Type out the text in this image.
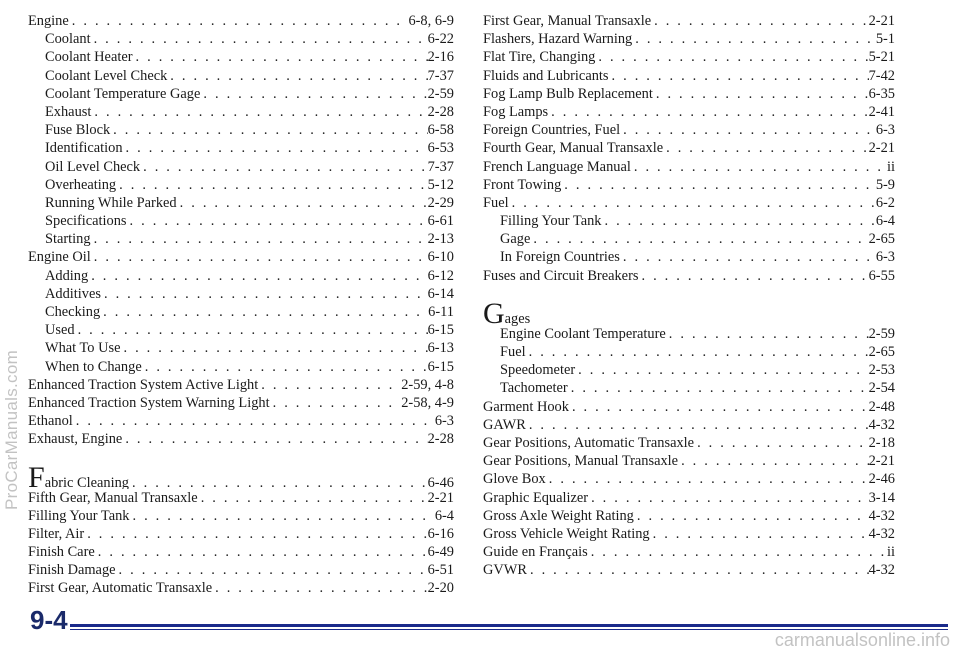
Engine . . .	6-8, 6-9
Coolant . . .	6-22
Coolant Heater . . .	2-16
Coolant Level Check . . .	7-37
Coolant Temperature Gage . . .	2-59
Exhaust . . .	2-28
Fuse Block . . .	6-58
Identification . . .	6-53
Oil Level Check . . .	7-37
Overheating . . .	5-12
Running While Parked . . .	2-29
Specifications . . .	6-61
Starting . . .	2-13
Engine Oil . . .	6-10
Adding . . .	6-12
Additives . . .	6-14
Checking . . .	6-11
Used . . .	6-15
What To Use . . .	6-13
When to Change . . .	6-15
Enhanced Traction System Active Light . . .	2-59, 4-8
Enhanced Traction System Warning Light . . .	2-58, 4-9
Ethanol . . .	6-3
Exhaust, Engine . . .	2-28
Fabric Cleaning . . .	6-46
Fifth Gear, Manual Transaxle . . .	2-21
Filling Your Tank . . .	6-4
Filter, Air . . .	6-16
Finish Care . . .	6-49
Finish Damage . . .	6-51
First Gear, Automatic Transaxle . . .	2-20
First Gear, Manual Transaxle . . .	2-21
Flashers, Hazard Warning . . .	5-1
Flat Tire, Changing . . .	5-21
Fluids and Lubricants . . .	7-42
Fog Lamp Bulb Replacement . . .	6-35
Fog Lamps . . .	2-41
Foreign Countries, Fuel . . .	6-3
Fourth Gear, Manual Transaxle . . .	2-21
French Language Manual . . .	ii
Front Towing . . .	5-9
Fuel . . .	6-2
Filling Your Tank . . .	6-4
Gage . . .	2-65
In Foreign Countries . . .	6-3
Fuses and Circuit Breakers . . .	6-55
G ages
Engine Coolant Temperature . . .	2-59
Fuel . . .	2-65
Speedometer . . .	2-53
Tachometer . . .	2-54
Garment Hook . . .	2-48
GAWR . . .	4-32
Gear Positions, Automatic Transaxle . . .	2-18
Gear Positions, Manual Transaxle . . .	2-21
Glove Box . . .	2-46
Graphic Equalizer . . .	3-14
Gross Axle Weight Rating . . .	4-32
Gross Vehicle Weight Rating . . .	4-32
Guide en Français . . .	ii
GVWR . . .	4-32
9-4
ProCarManuals.com
carmanualsonline.info
